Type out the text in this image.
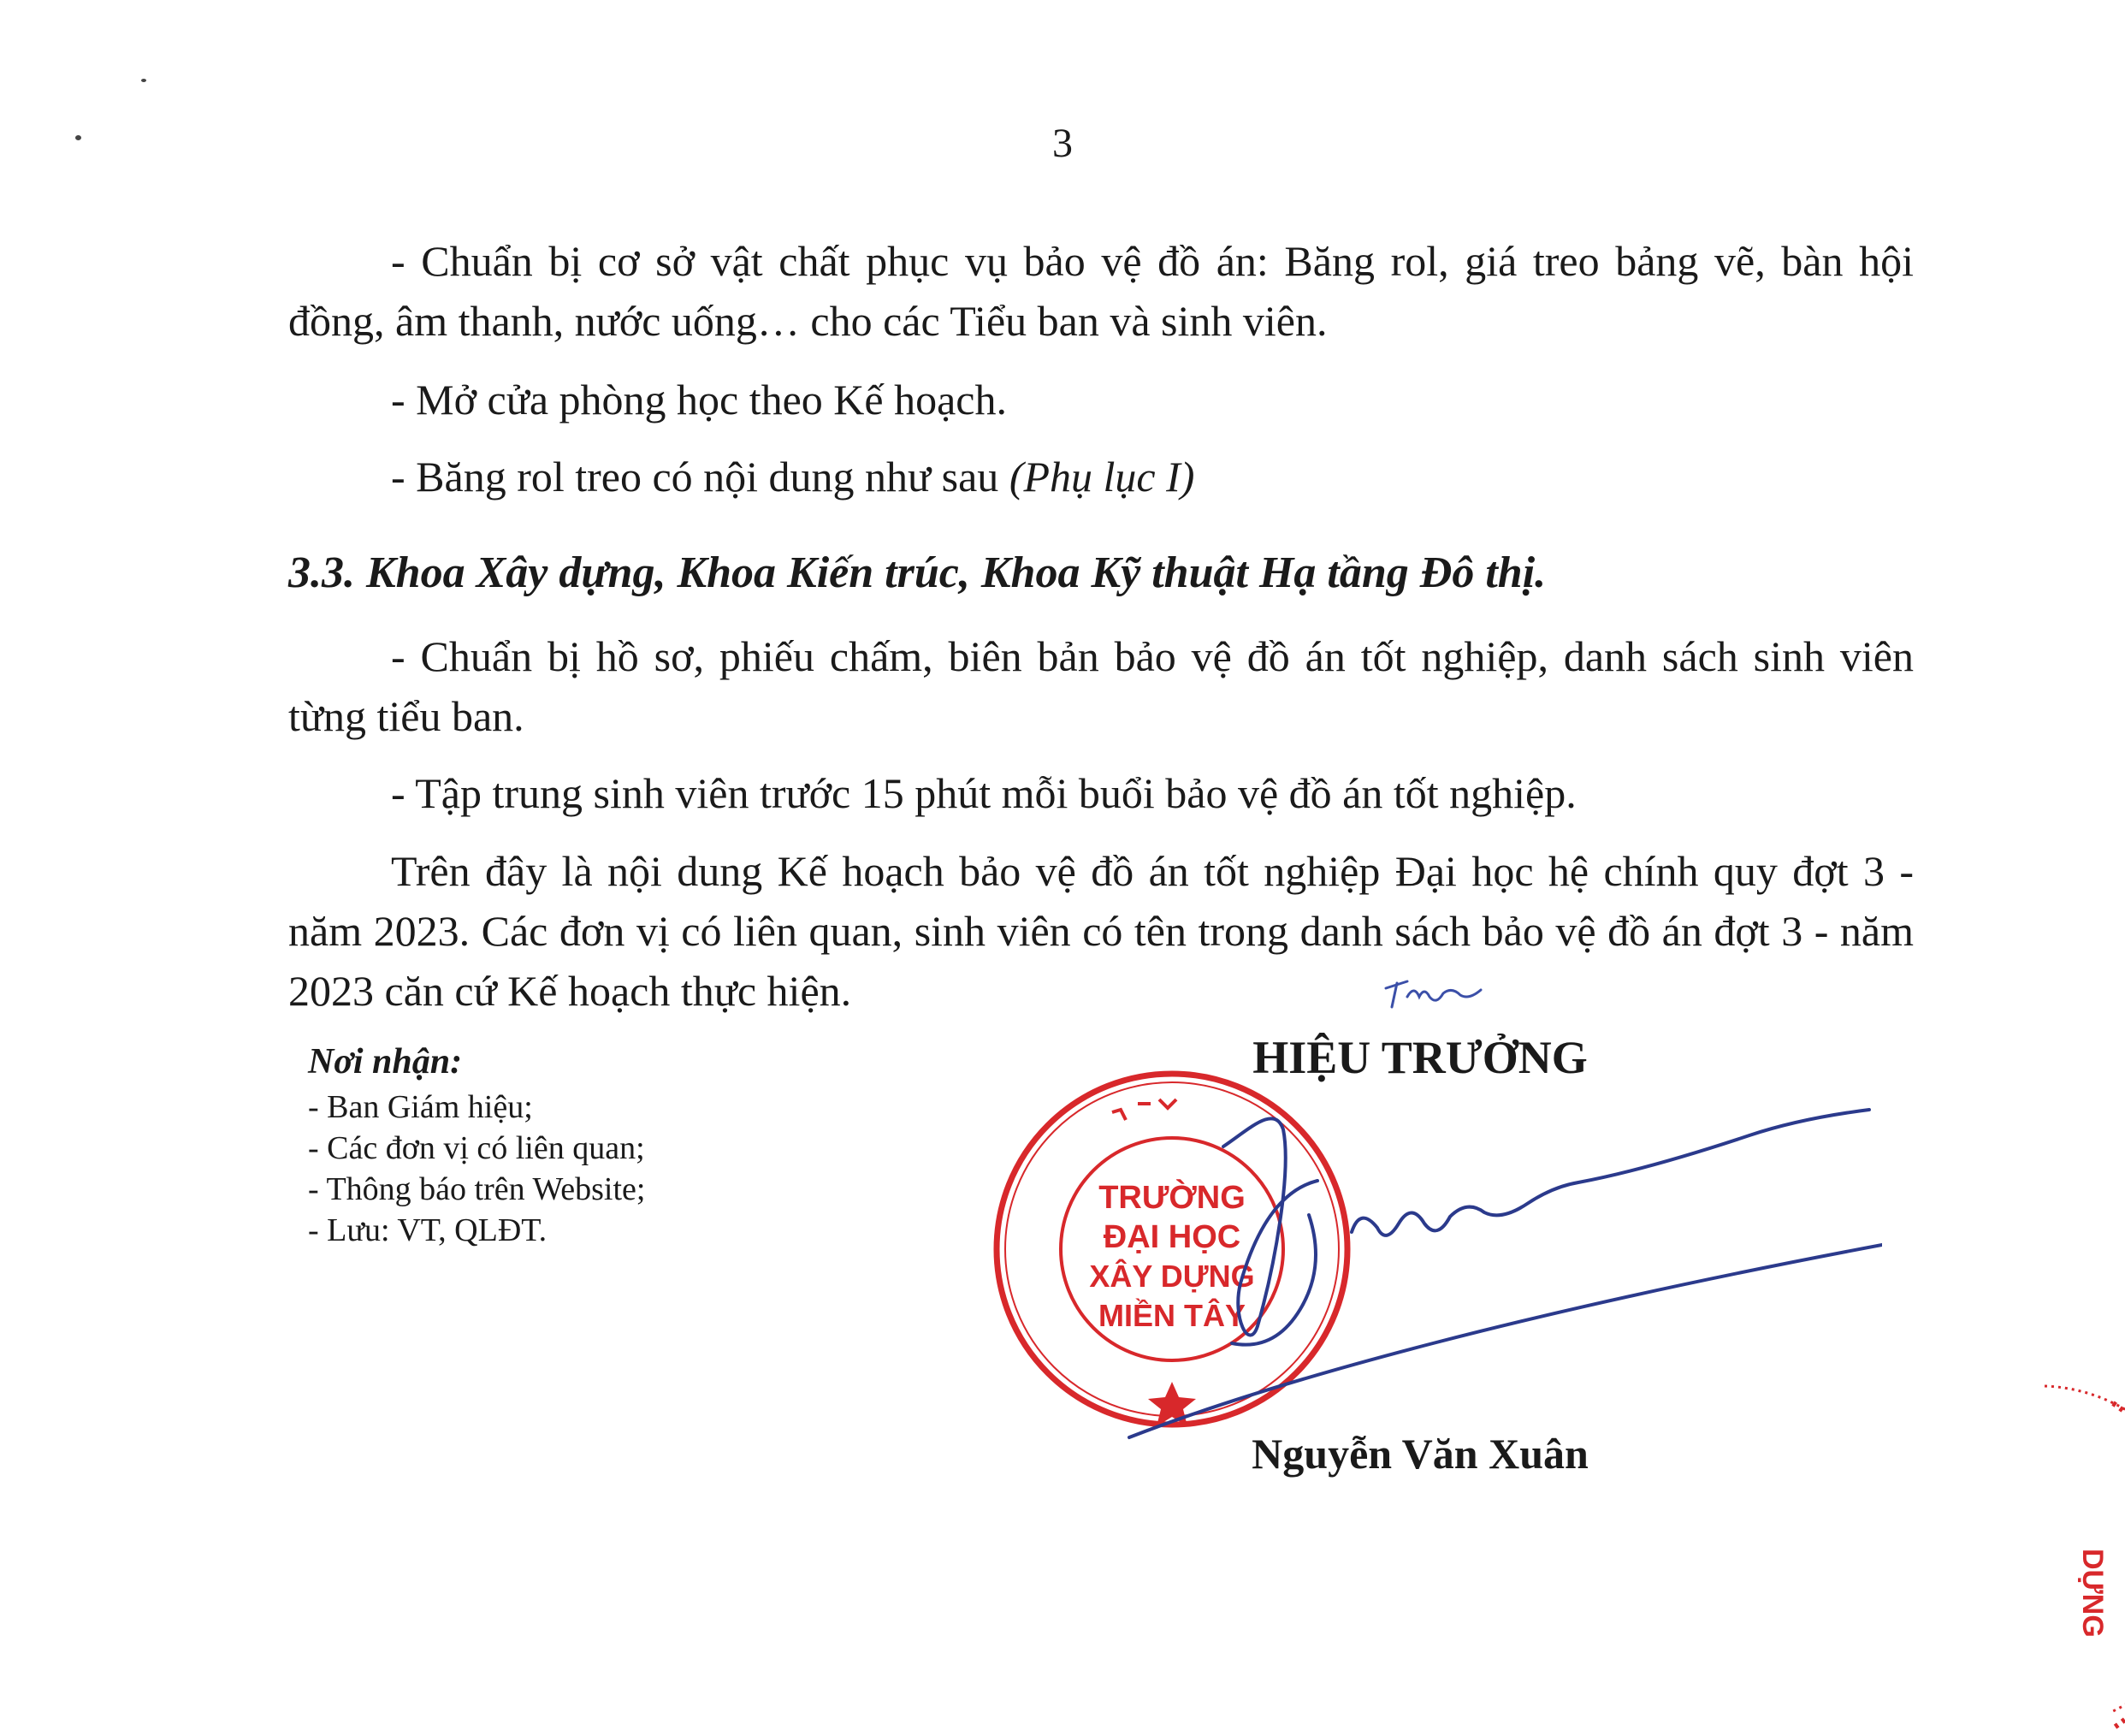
3

- Chuẩn bị cơ sở vật chất phục vụ bảo vệ đồ án: Băng rol, giá treo bảng vẽ, bàn hội đồng, âm thanh, nước uống… cho các Tiểu ban và sinh viên.

- Mở cửa phòng học theo Kế hoạch.

- Băng rol treo có nội dung như sau (Phụ lục I)

3.3. Khoa Xây dựng, Khoa Kiến trúc, Khoa Kỹ thuật Hạ tầng Đô thị.

- Chuẩn bị hồ sơ, phiếu chấm, biên bản bảo vệ đồ án tốt nghiệp, danh sách sinh viên từng tiểu ban.

- Tập trung sinh viên trước 15 phút mỗi buổi bảo vệ đồ án tốt nghiệp.

Trên đây là nội dung Kế hoạch bảo vệ đồ án tốt nghiệp Đại học hệ chính quy đợt 3 - năm 2023. Các đơn vị có liên quan, sinh viên có tên trong danh sách bảo vệ đồ án đợt 3 - năm 2023 căn cứ Kế hoạch thực hiện.

Nơi nhận:
- Ban Giám hiệu;
- Các đơn vị có liên quan;
- Thông báo trên Website;
- Lưu: VT, QLĐT.
HIỆU TRƯỞNG
TRƯỜNG
ĐẠI HỌC
XÂY DỰNG
MIỀN TÂY
Nguyễn Văn Xuân
DỰNG
